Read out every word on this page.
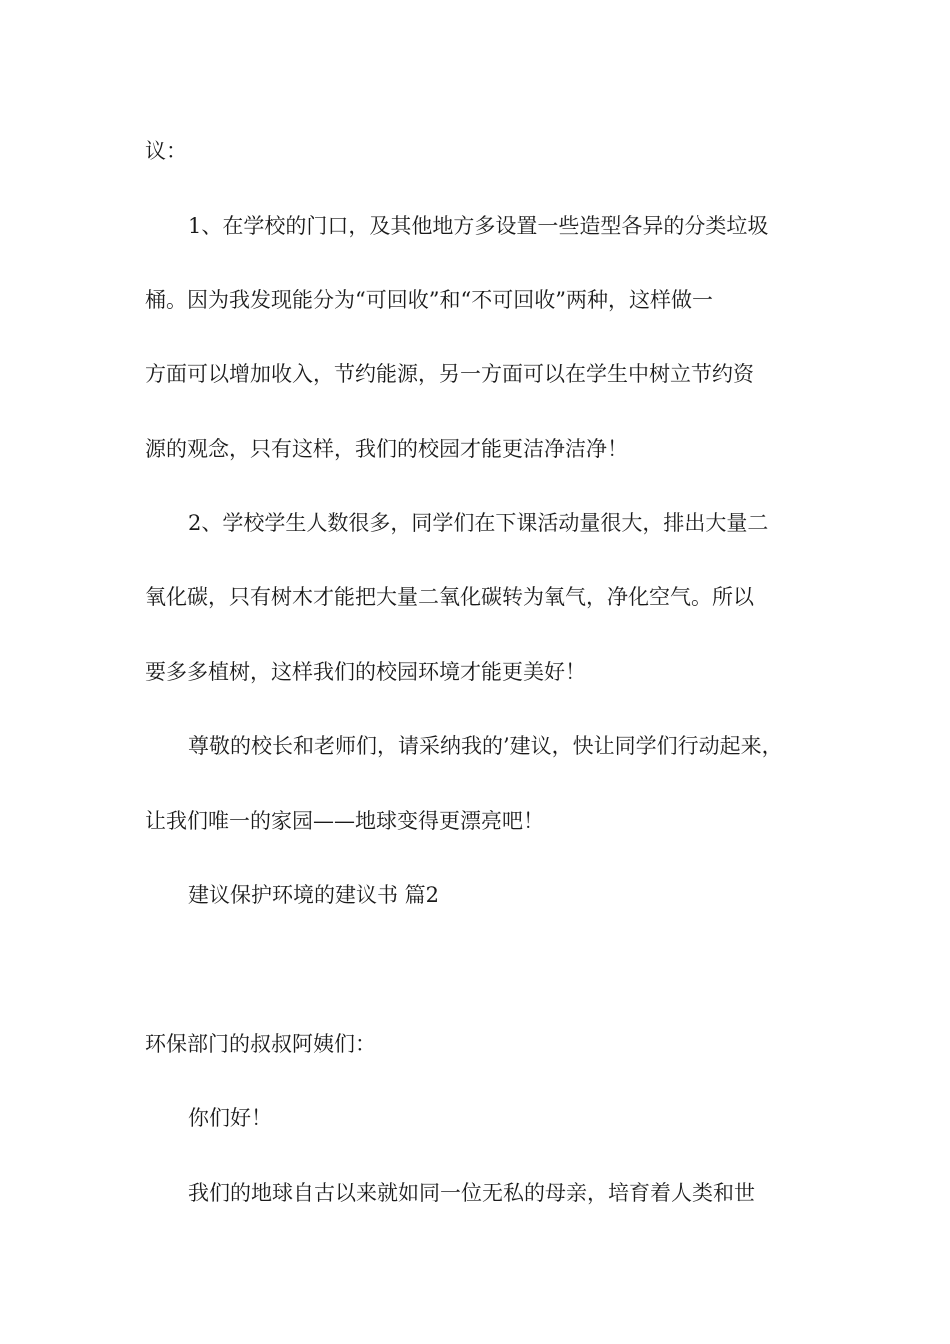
议：
1、在学校的门口，及其他地方多设置一些造型各异的分类垃圾
桶。因为我发现能分为“可回收”和“不可回收”两种，这样做一
方面可以增加收入，节约能源，另一方面可以在学生中树立节约资
源的观念，只有这样，我们的校园才能更洁净洁净！
2、学校学生人数很多，同学们在下课活动量很大，排出大量二
氧化碳，只有树木才能把大量二氧化碳转为氧气，净化空气。所以
要多多植树，这样我们的校园环境才能更美好！
尊敬的校长和老师们，请采纳我的’建议，快让同学们行动起来，
让我们唯一的家园——地球变得更漂亮吧！
建议保护环境的建议书 篇2
环保部门的叔叔阿姨们：
你们好！
我们的地球自古以来就如同一位无私的母亲，培育着人类和世
